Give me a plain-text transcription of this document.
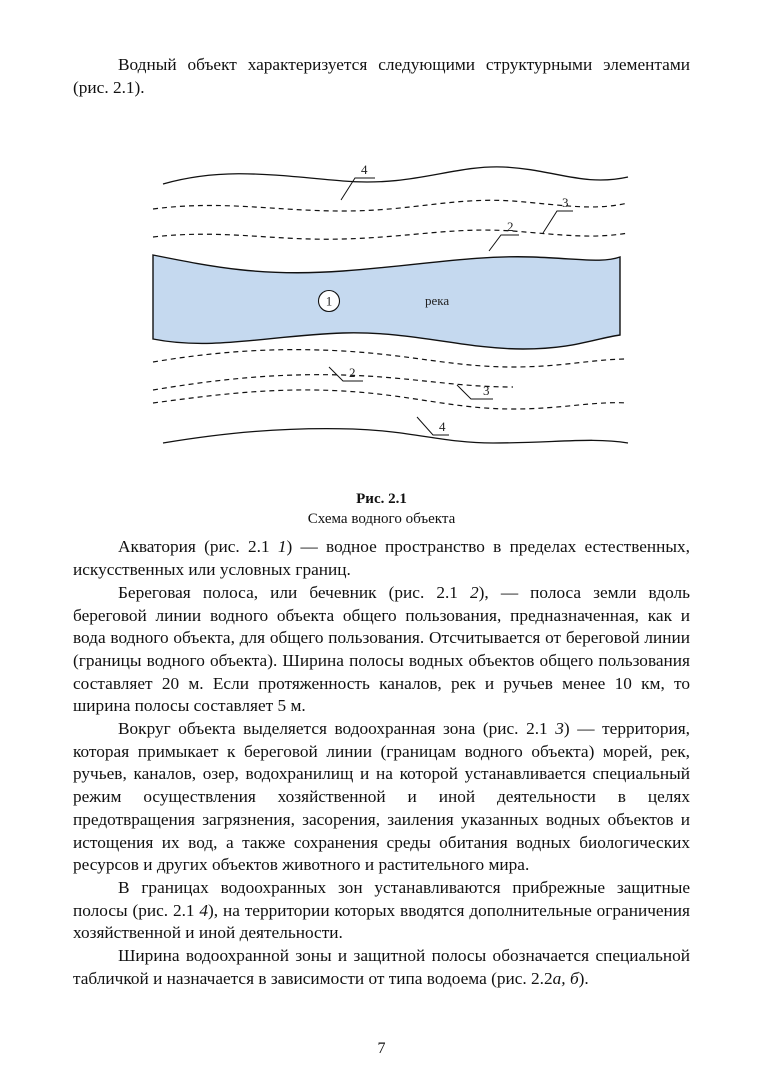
Водный объект характеризуется следующими структурными элементами (рис. 2.1).

1	река
4
3
2
2
3
4
Рис. 2.1
Схема водного объекта

Акватория (рис. 2.1 1) — водное пространство в пределах естественных, искусственных или условных границ.

Береговая полоса, или бечевник (рис. 2.1 2), — полоса земли вдоль береговой линии водного объекта общего пользования, предназначенная, как и вода водного объекта, для общего пользования. Отсчитывается от береговой линии (границы водного объекта). Ширина полосы водных объектов общего пользования составляет 20 м. Если протяженность каналов, рек и ручьев менее 10 км, то ширина полосы составляет 5 м.

Вокруг объекта выделяется водоохранная зона (рис. 2.1 3) — территория, которая примыкает к береговой линии (границам водного объекта) морей, рек, ручьев, каналов, озер, водохранилищ и на которой устанавливается специальный режим осуществления хозяйственной и иной деятельности в целях предотвращения загрязнения, засорения, заиления указанных водных объектов и истощения их вод, а также сохранения среды обитания водных биологических ресурсов и других объектов животного и растительного мира.

В границах водоохранных зон устанавливаются прибрежные защитные полосы (рис. 2.1 4), на территории которых вводятся дополнительные ограничения хозяйственной и иной деятельности.

Ширина водоохранной зоны и защитной полосы обозначается специальной табличкой и назначается в зависимости от типа водоема (рис. 2.2а, б).

7
